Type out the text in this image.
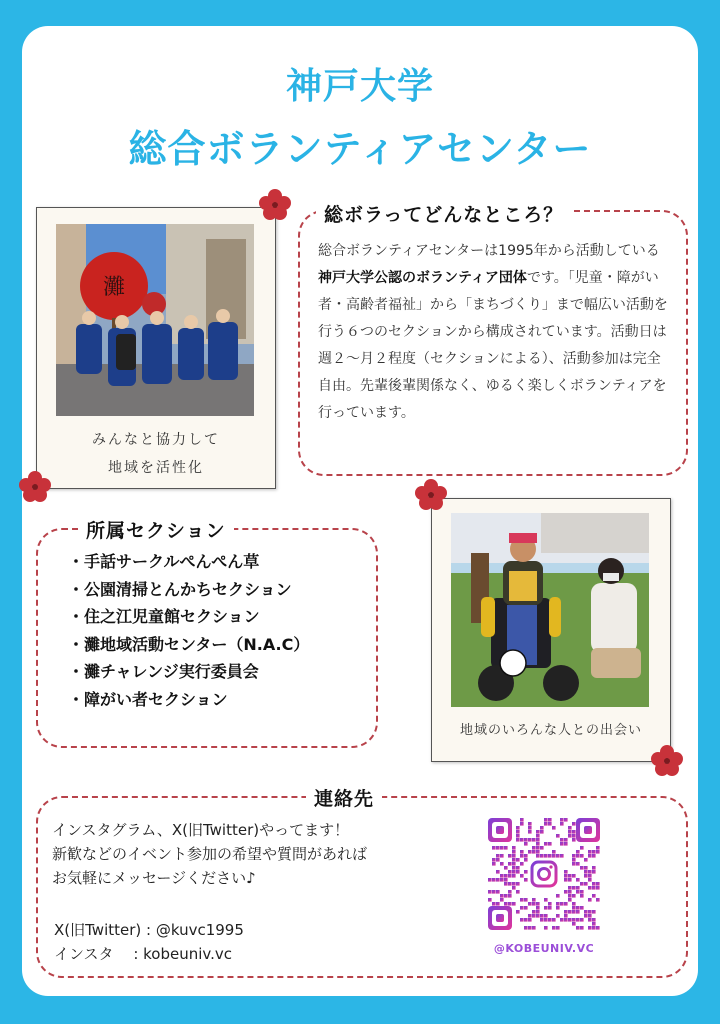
神戸大学
総合ボランティアセンター
総ボラってどんなところ？
総合ボランティアセンターは1995年から活動している神戸大学公認のボランティア団体です。「児童・障がい者・高齢者福祉」から「まちづくり」まで幅広い活動を行う６つのセクションから構成されています。活動日は週２〜月２程度（セクションによる）、活動参加は完全自由。先輩後輩関係なく、ゆるく楽しくボランティアを行っています。
灘
みんなと協力して
地域を活性化
所属セクション
・手話サークルぺんぺん草
・公園清掃とんかちセクション
・住之江児童館セクション
・灘地域活動センター（N.A.C）
・灘チャレンジ実行委員会
・障がい者セクション
地域のいろんな人との出会い
連絡先
インスタグラム、X(旧Twitter)やってます！
新歓などのイベント参加の希望や質問があれば
お気軽にメッセージください♪
X(旧Twitter) : @kuvc1995
インスタ　 : kobeuniv.vc	@KOBEUNIV.VC
